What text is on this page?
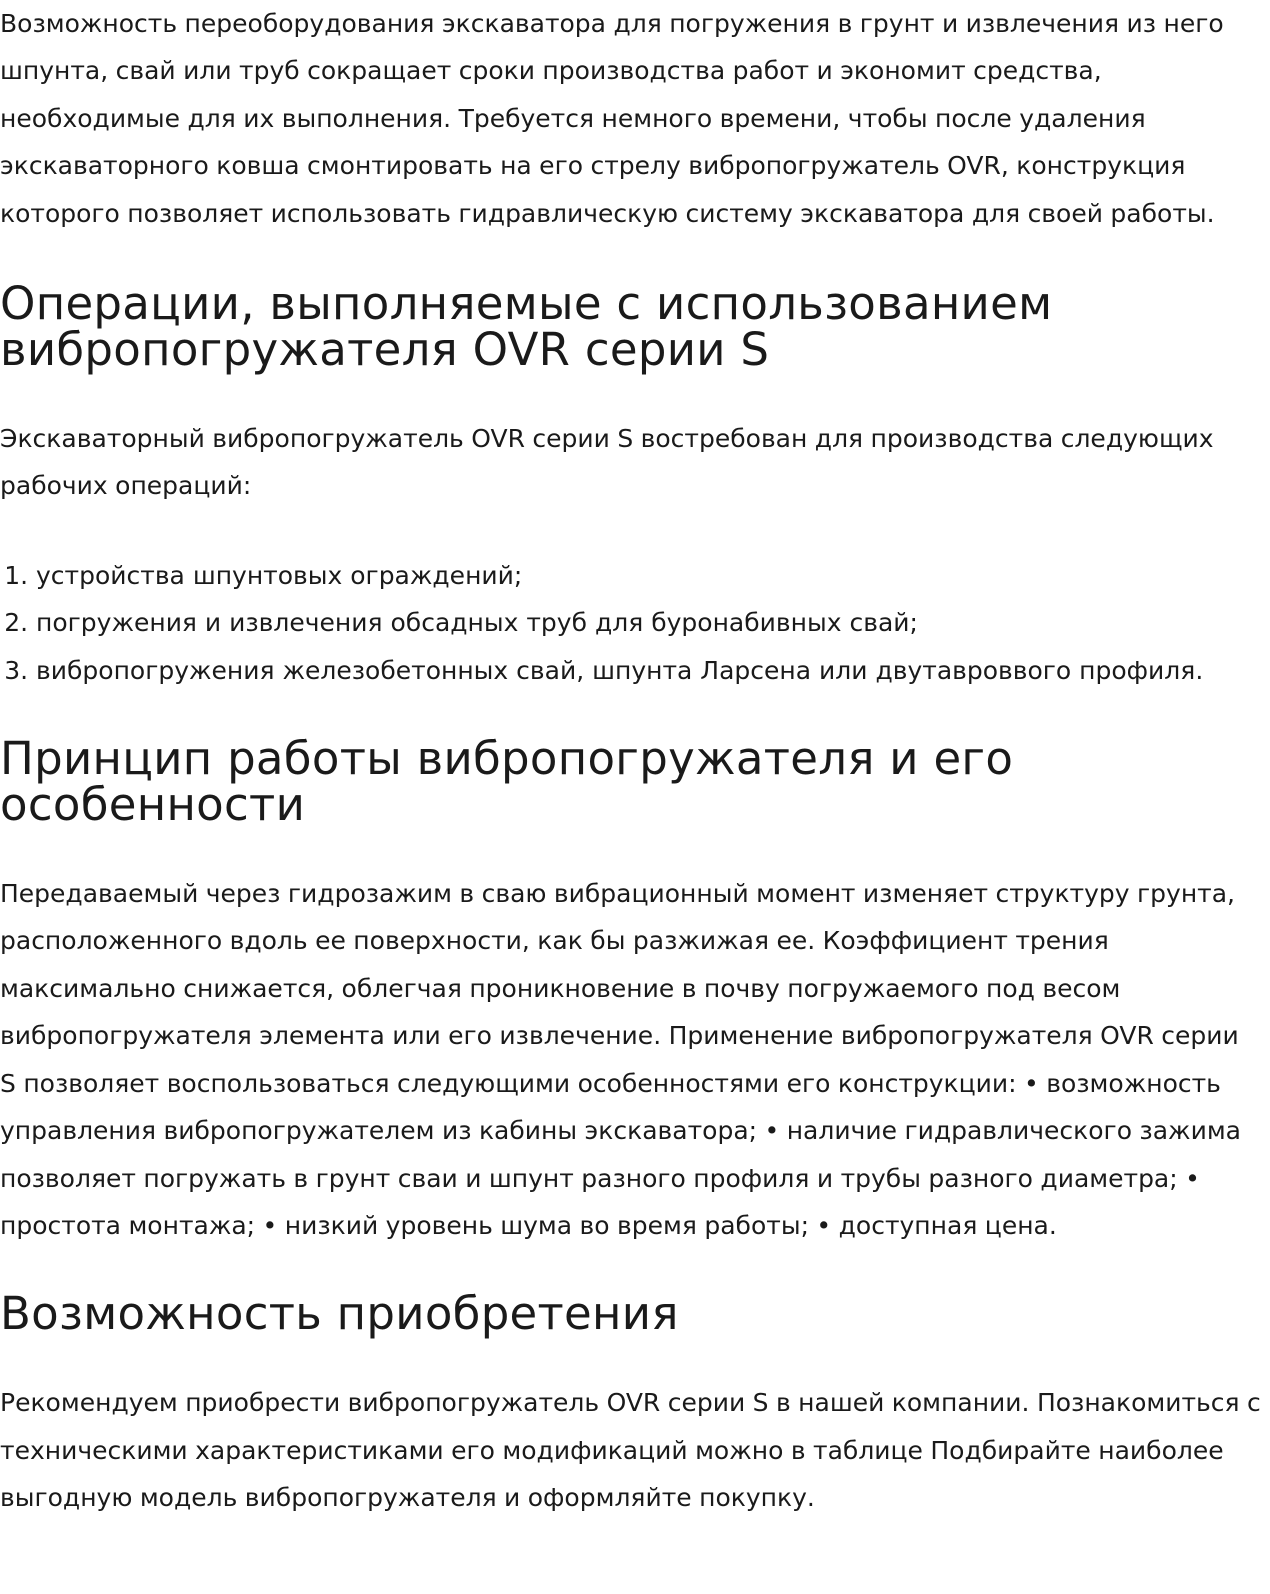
Возможность переоборудования экскаватора для погружения в грунт и извлечения из него шпунта, свай или труб сокращает сроки производства работ и экономит средства, необходимые для их выполнения. Требуется немного времени, чтобы после удаления экскаваторного ковша смонтировать на его стрелу вибропогружатель OVR, конструкция которого позволяет использовать гидравлическую систему экскаватора для своей работы.

Операции, выполняемые с использованием вибропогружателя OVR серии S

Экскаваторный вибропогружатель OVR серии S востребован для производства следующих рабочих операций:

1. устройства шпунтовых ограждений;
2. погружения и извлечения обсадных труб для буронабивных свай;
3. вибропогружения железобетонных свай, шпунта Ларсена или двутавроввого профиля.
Принцип работы вибропогружателя и его особенности

Передаваемый через гидрозажим в сваю вибрационный момент изменяет структуру грунта, расположенного вдоль ее поверхности, как бы разжижая ее. Коэффициент трения максимально снижается, облегчая проникновение в почву погружаемого под весом вибропогружателя элемента или его извлечение. Применение вибропогружателя OVR серии S позволяет воспользоваться следующими особенностями его конструкции: • возможность управления вибропогружателем из кабины экскаватора; • наличие гидравлического зажима позволяет погружать в грунт сваи и шпунт разного профиля и трубы разного диаметра; • простота монтажа; • низкий уровень шума во время работы; • доступная цена.

Возможность приобретения

Рекомендуем приобрести вибропогружатель OVR серии S в нашей компании. Познакомиться с техническими характеристиками его модификаций можно в таблице Подбирайте наиболее выгодную модель вибропогружателя и оформляйте покупку.
